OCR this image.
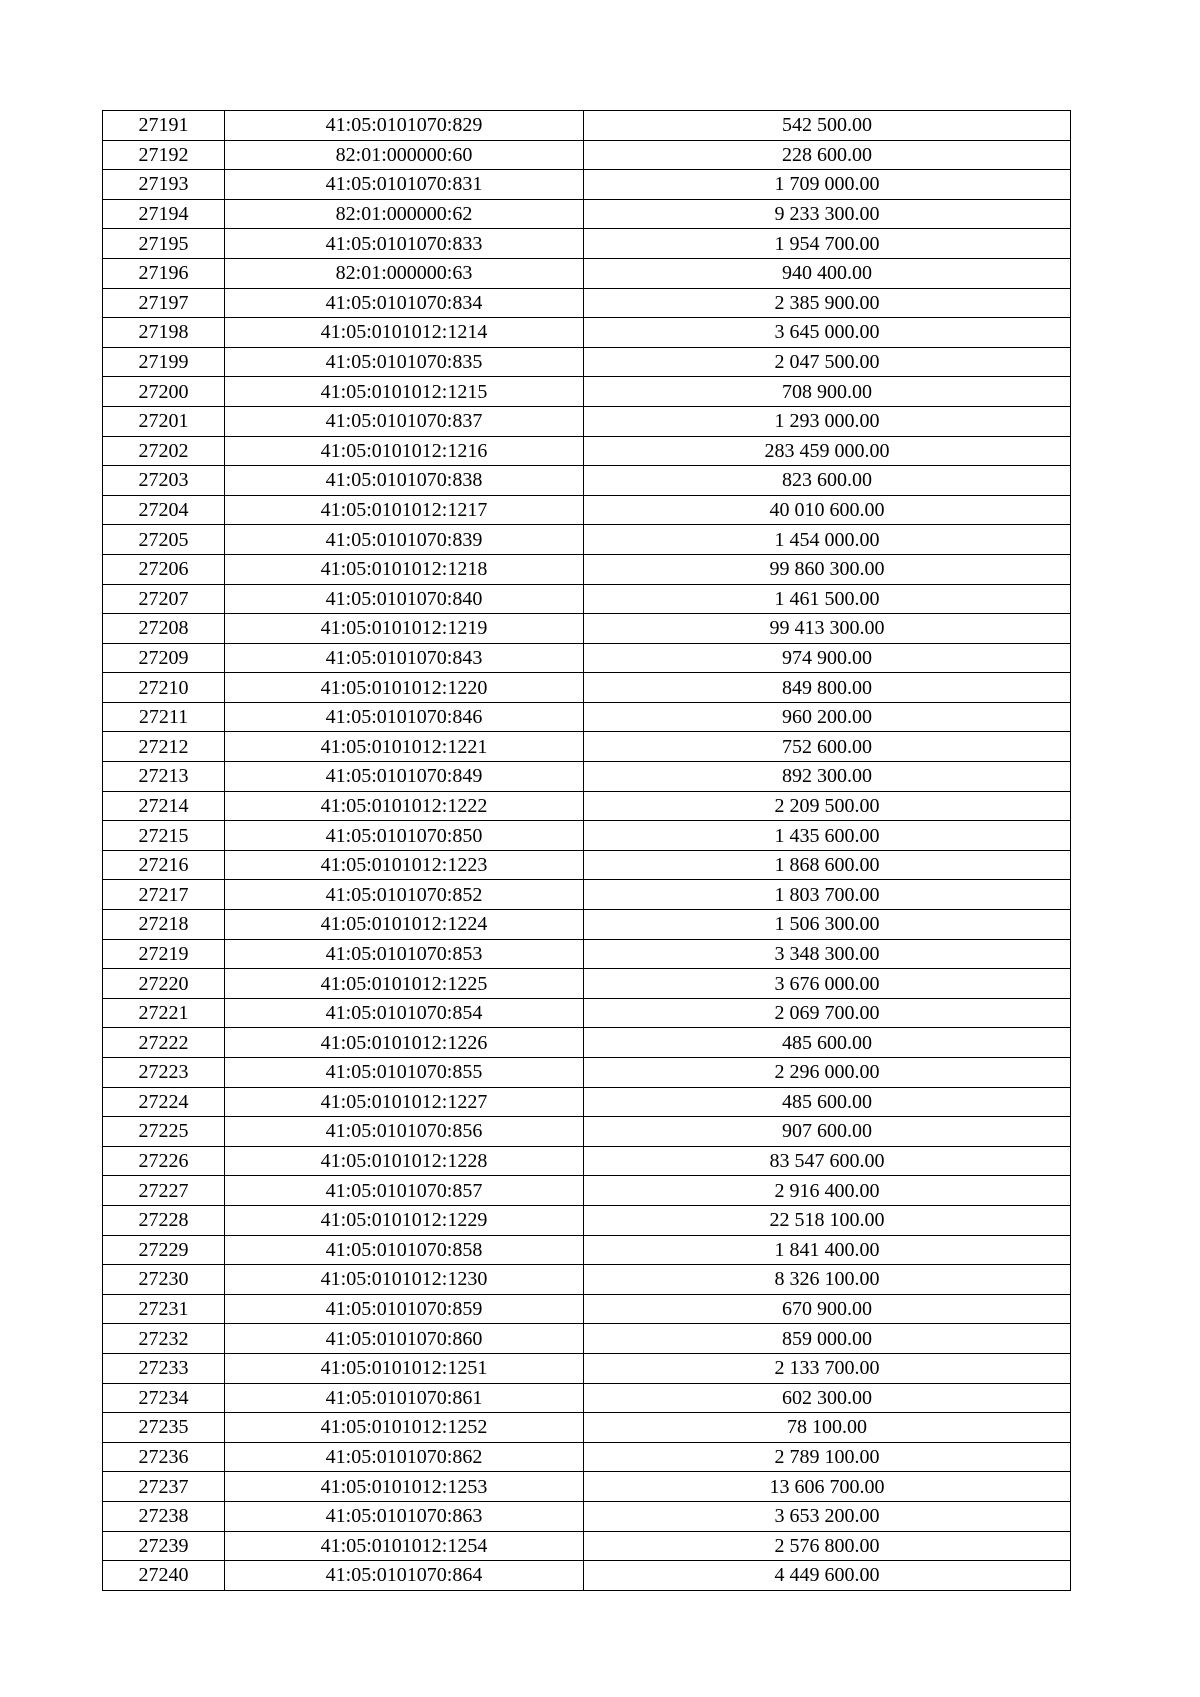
27191	41:05:0101070:829	542 500.00
27192	82:01:000000:60	228 600.00
27193	41:05:0101070:831	1 709 000.00
27194	82:01:000000:62	9 233 300.00
27195	41:05:0101070:833	1 954 700.00
27196	82:01:000000:63	940 400.00
27197	41:05:0101070:834	2 385 900.00
27198	41:05:0101012:1214	3 645 000.00
27199	41:05:0101070:835	2 047 500.00
27200	41:05:0101012:1215	708 900.00
27201	41:05:0101070:837	1 293 000.00
27202	41:05:0101012:1216	283 459 000.00
27203	41:05:0101070:838	823 600.00
27204	41:05:0101012:1217	40 010 600.00
27205	41:05:0101070:839	1 454 000.00
27206	41:05:0101012:1218	99 860 300.00
27207	41:05:0101070:840	1 461 500.00
27208	41:05:0101012:1219	99 413 300.00
27209	41:05:0101070:843	974 900.00
27210	41:05:0101012:1220	849 800.00
27211	41:05:0101070:846	960 200.00
27212	41:05:0101012:1221	752 600.00
27213	41:05:0101070:849	892 300.00
27214	41:05:0101012:1222	2 209 500.00
27215	41:05:0101070:850	1 435 600.00
27216	41:05:0101012:1223	1 868 600.00
27217	41:05:0101070:852	1 803 700.00
27218	41:05:0101012:1224	1 506 300.00
27219	41:05:0101070:853	3 348 300.00
27220	41:05:0101012:1225	3 676 000.00
27221	41:05:0101070:854	2 069 700.00
27222	41:05:0101012:1226	485 600.00
27223	41:05:0101070:855	2 296 000.00
27224	41:05:0101012:1227	485 600.00
27225	41:05:0101070:856	907 600.00
27226	41:05:0101012:1228	83 547 600.00
27227	41:05:0101070:857	2 916 400.00
27228	41:05:0101012:1229	22 518 100.00
27229	41:05:0101070:858	1 841 400.00
27230	41:05:0101012:1230	8 326 100.00
27231	41:05:0101070:859	670 900.00
27232	41:05:0101070:860	859 000.00
27233	41:05:0101012:1251	2 133 700.00
27234	41:05:0101070:861	602 300.00
27235	41:05:0101012:1252	78 100.00
27236	41:05:0101070:862	2 789 100.00
27237	41:05:0101012:1253	13 606 700.00
27238	41:05:0101070:863	3 653 200.00
27239	41:05:0101012:1254	2 576 800.00
27240	41:05:0101070:864	4 449 600.00
